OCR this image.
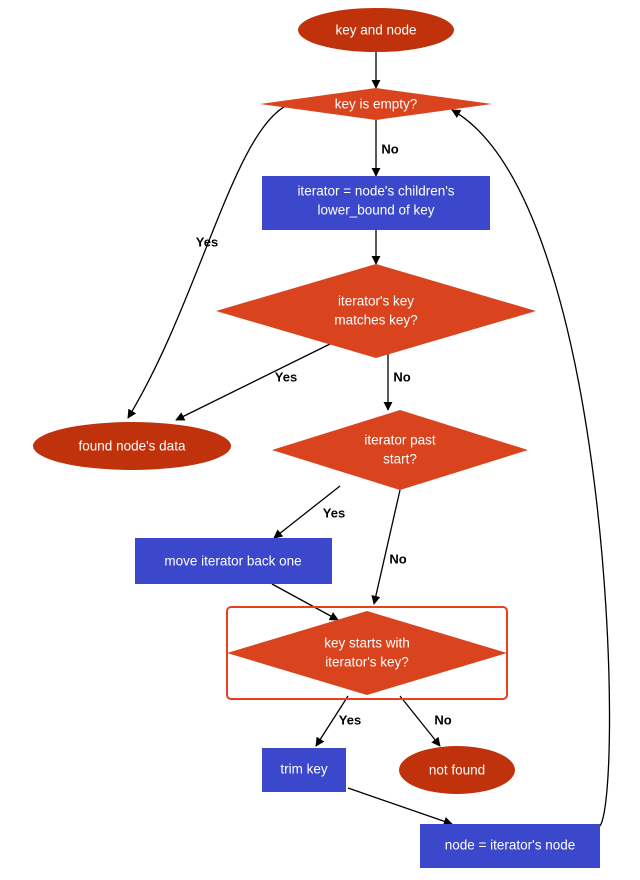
key and node
key is empty?
iterator = node's children's
lower_bound of key
iterator's key
matches key?
found node's data	iterator past
start?
move iterator back one
key starts with
iterator's key?
trim key	not found
node = iterator's node
Yes
No
Yes	No
Yes
No
Yes	No
